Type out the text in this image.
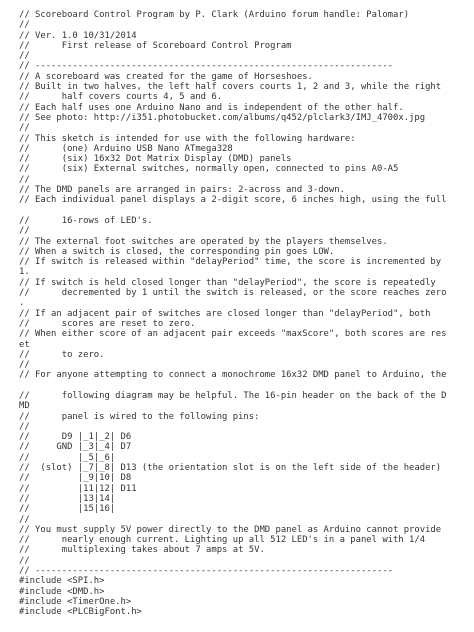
// Scoreboard Control Program by P. Clark (Arduino forum handle: Palomar)
//
// Ver. 1.0 10/31/2014
//      First release of Scoreboard Control Program
//
// -------------------------------------------------------------------
// A scoreboard was created for the game of Horseshoes.
// Built in two halves, the left half covers courts 1, 2 and 3, while the right
//      half covers courts 4, 5 and 6.
// Each half uses one Arduino Nano and is independent of the other half.
// See photo: http://i351.photobucket.com/albums/q452/plclark3/IMJ_4700x.jpg
//
// This sketch is intended for use with the following hardware:
//      (one) Arduino USB Nano ATmega328
//      (six) 16x32 Dot Matrix Display (DMD) panels
//      (six) External switches, normally open, connected to pins A0-A5
//
// The DMD panels are arranged in pairs: 2-across and 3-down.
// Each individual panel displays a 2-digit score, 6 inches high, using the full
//      16-rows of LED's.
//
// The external foot switches are operated by the players themselves.
// When a switch is closed, the corresponding pin goes LOW.
// If switch is released within "delayPeriod" time, the score is incremented by
1.
// If switch is held closed longer than "delayPeriod", the score is repeatedly
//      decremented by 1 until the switch is released, or the score reaches zero
.
// If an adjacent pair of switches are closed longer than "delayPeriod", both
//      scores are reset to zero.
// When either score of an adjacent pair exceeds "maxScore", both scores are res
et
//      to zero.
//
// For anyone attempting to connect a monochrome 16x32 DMD panel to Arduino, the
//      following diagram may be helpful. The 16-pin header on the back of the D
MD
//      panel is wired to the following pins:
//
//      D9 |_1|_2| D6
//     GND |_3|_4| D7
//         |_5|_6|
//  (slot) |_7|_8| D13 (the orientation slot is on the left side of the header)
//         |_9|10| D8
//         |11|12| D11
//         |13|14|
//         |15|16|
//
// You must supply 5V power directly to the DMD panel as Arduino cannot provide
//      nearly enough current. Lighting up all 512 LED's in a panel with 1/4
//      multiplexing takes about 7 amps at 5V.
//
// -------------------------------------------------------------------
#include <SPI.h>
#include <DMD.h>
#include <TimerOne.h>
#include <PLCBigFont.h>
